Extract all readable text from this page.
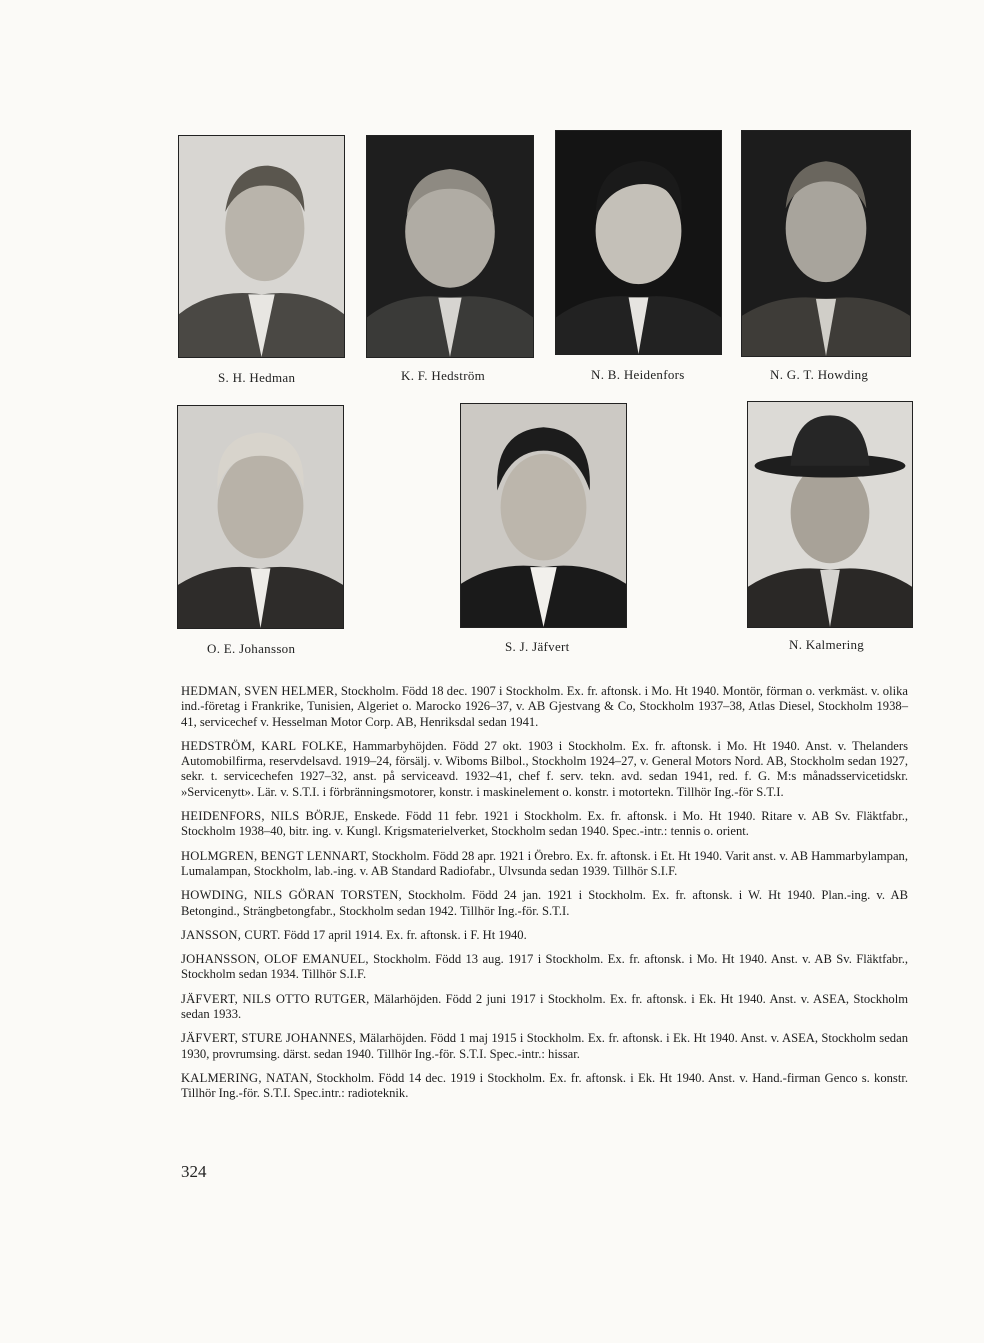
S. H. Hedman	K. F. Hedström	N. B. Heidenfors	N. G. T. Howding
O. E. Johansson	S. J. Jäfvert	N. Kalmering

HEDMAN, SVEN HELMER, Stockholm. Född 18 dec. 1907 i Stockholm. Ex. fr. aftonsk. i Mo. Ht 1940. Montör, förman o. verkmäst. v. olika ind.-företag i Frankrike, Tunisien, Algeriet o. Marocko 1926–37, v. AB Gjestvang & Co, Stockholm 1937–38, Atlas Diesel, Stockholm 1938–41, servicechef v. Hesselman Motor Corp. AB, Henriksdal sedan 1941.

HEDSTRÖM, KARL FOLKE, Hammarbyhöjden. Född 27 okt. 1903 i Stockholm. Ex. fr. aftonsk. i Mo. Ht 1940. Anst. v. Thelanders Automobilfirma, reservdelsavd. 1919–24, försälj. v. Wiboms Bilbol., Stockholm 1924–27, v. General Motors Nord. AB, Stockholm sedan 1927, sekr. t. servicechefen 1927–32, anst. på serviceavd. 1932–41, chef f. serv. tekn. avd. sedan 1941, red. f. G. M:s månadsservicetidskr. »Servicenytt». Lär. v. S.T.I. i förbränningsmotorer, konstr. i maskinelement o. konstr. i motortekn. Tillhör Ing.-för S.T.I.

HEIDENFORS, NILS BÖRJE, Enskede. Född 11 febr. 1921 i Stockholm. Ex. fr. aftonsk. i Mo. Ht 1940. Ritare v. AB Sv. Fläktfabr., Stockholm 1938–40, bitr. ing. v. Kungl. Krigsmaterielverket, Stockholm sedan 1940. Spec.-intr.: tennis o. orient.

HOLMGREN, BENGT LENNART, Stockholm. Född 28 apr. 1921 i Örebro. Ex. fr. aftonsk. i Et. Ht 1940. Varit anst. v. AB Hammarbylampan, Lumalampan, Stockholm, lab.-ing. v. AB Standard Radiofabr., Ulvsunda sedan 1939. Tillhör S.I.F.

HOWDING, NILS GÖRAN TORSTEN, Stockholm. Född 24 jan. 1921 i Stockholm. Ex. fr. aftonsk. i W. Ht 1940. Plan.-ing. v. AB Betongind., Strängbetongfabr., Stockholm sedan 1942. Tillhör Ing.-för. S.T.I.

JANSSON, CURT. Född 17 april 1914. Ex. fr. aftonsk. i F. Ht 1940.

JOHANSSON, OLOF EMANUEL, Stockholm. Född 13 aug. 1917 i Stockholm. Ex. fr. aftonsk. i Mo. Ht 1940. Anst. v. AB Sv. Fläktfabr., Stockholm sedan 1934. Tillhör S.I.F.

JÄFVERT, NILS OTTO RUTGER, Mälarhöjden. Född 2 juni 1917 i Stockholm. Ex. fr. aftonsk. i Ek. Ht 1940. Anst. v. ASEA, Stockholm sedan 1933.

JÄFVERT, STURE JOHANNES, Mälarhöjden. Född 1 maj 1915 i Stockholm. Ex. fr. aftonsk. i Ek. Ht 1940. Anst. v. ASEA, Stockholm sedan 1930, provrumsing. därst. sedan 1940. Tillhör Ing.-för. S.T.I. Spec.-intr.: hissar.

KALMERING, NATAN, Stockholm. Född 14 dec. 1919 i Stockholm. Ex. fr. aftonsk. i Ek. Ht 1940. Anst. v. Hand.-firman Genco s. konstr. Tillhör Ing.-för. S.T.I. Spec.intr.: radioteknik.

324
